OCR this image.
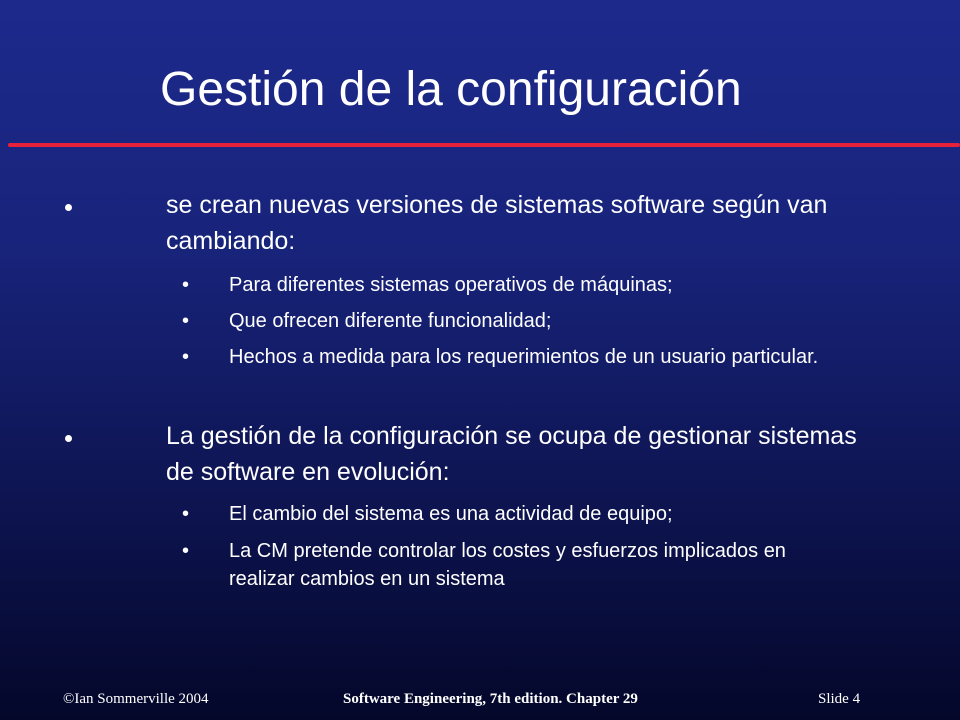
Gestión de la configuración
se crean nuevas versiones de sistemas software según van cambiando:
• Para diferentes sistemas operativos de máquinas;
• Que ofrecen diferente funcionalidad;
• Hechos a medida para los requerimientos de un usuario particular.
La gestión de la configuración se ocupa de gestionar sistemas de software en evolución:
• El cambio del sistema es una actividad de equipo;
• La CM pretende controlar los costes y esfuerzos implicados en realizar cambios en un sistema
©Ian Sommerville 2004	Software Engineering, 7th edition. Chapter 29	Slide 4
